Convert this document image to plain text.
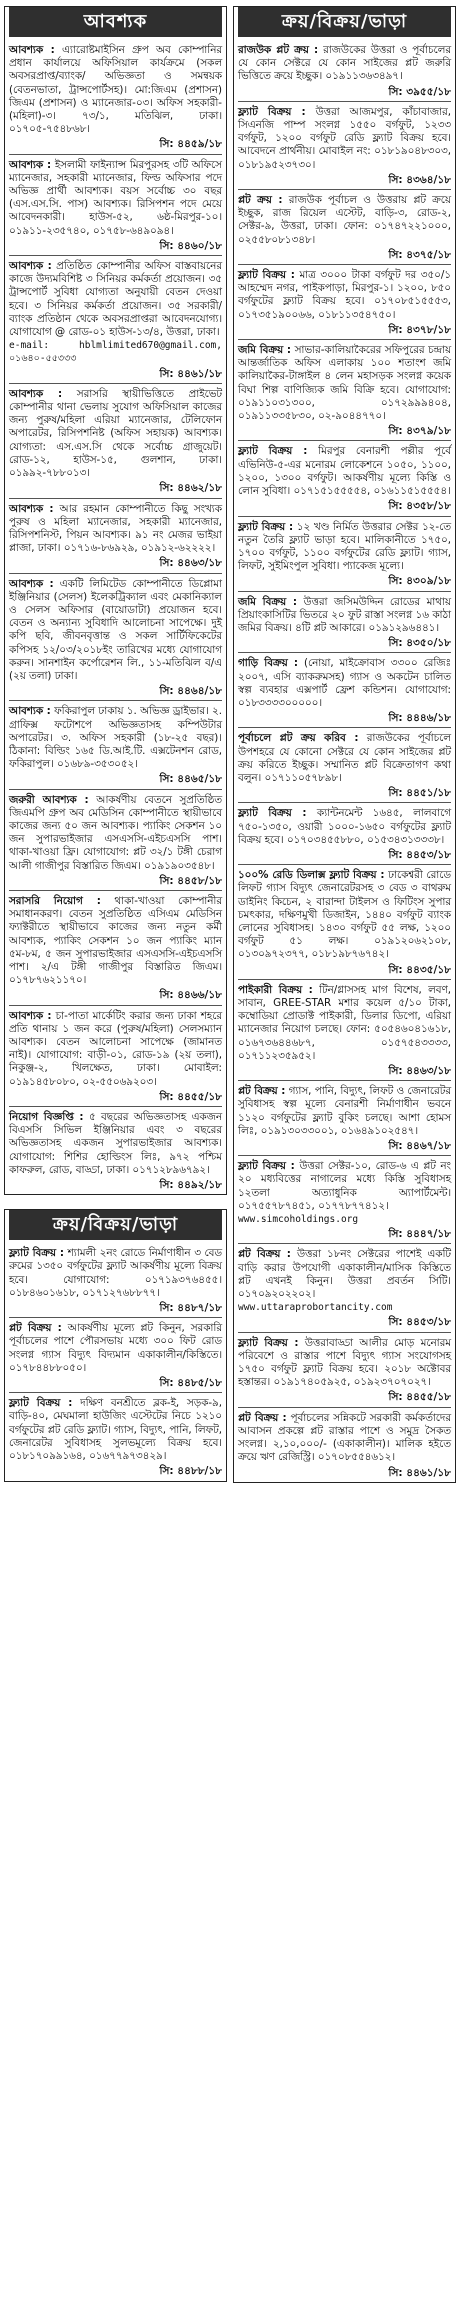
আবশ্যক
আবশ্যক : এ্যারোষ্টমাইসিন গ্রুপ অব কোম্পানির প্রধান কার্যালয়ে অফিসিয়াল কার্যক্রমে (সকল অবসরপ্রাপ্ত/ব্যাংক/ অভিজ্ঞতা ও সমন্বয়ক (বেতনভাতা, ট্রান্সপোর্টসহ)। মো:জিএম (প্রশাসন) জিএম (প্রশাসন) ও ম্যানেজার-০৩। অফিস সহকারী-(মহিলা)-৩। ৭৩/১, মতিঝিল, ঢাকা। ০১৭০৫-৭৫৪৮৬৮।
সি: ৪৪৫৯/১৮
আবশ্যক : ইসলামী ফাইন্যান্স মিরপুরসহ ৩টি অফিসে ম্যানেজার, সহকারী ম্যানেজার, ফিল্ড অফিসার পদে অভিজ্ঞ প্রার্থী আবশ্যক। বয়স সর্বোচ্চ ৩০ বছর (এস.এস.সি. পাস) আবশ্যক। রিসিপশন পদে মেয়ে আবেদনকারী। হাউস-৫২, ৬ষ্ঠ-মিরপুর-১০। ০১৯১১-২৩৫৭৪০, ০১৭৫৮-৬৪৯০৯৪।
সি: ৪৪৬০/১৮
আবশ্যক : প্রতিষ্ঠিত কোম্পানীর অফিস বাস্তবায়নের কাজে উদ্যমবিশিষ্ট ৩ সিনিয়র কর্মকর্তা প্রয়োজন। ৩৫ ট্রান্সপোর্ট সুবিধা যোগ্যতা অনুযায়ী বেতন দেওয়া হবে। ৩ সিনিয়র কর্মকর্তা প্রয়োজন। ৩৫ সরকারী/ব্যাংক প্রতিষ্ঠান থেকে অবসরপ্রাপ্তরা আবেদনযোগ্য। যোগাযোগ @ রোড-০১ হাউস-১৩/৪, উত্তরা, ঢাকা।
e-mail: hblmlimited670@gmail.com, ০১৬৪০-৫৫৩৩৩
সি: ৪৪৬১/১৮
আবশ্যক : সরাসরি স্থায়ীভিত্তিতে প্রাইভেট কোম্পানীর থানা ভেলায় সুযোগ অফিসিয়াল কাজের জন্য পুরুষ/মহিলা এরিয়া ম্যানেজার, টেলিফোন অপারেটর, রিসিপশনিষ্ট (অফিস সহায়ক) আবশ্যক। যোগ্যতা: এস.এস.সি থেকে সর্বোচ্চ গ্রাজুয়েট। রোড-১২, হাউস-১৫, গুলশান, ঢাকা। ০১৯৯২-৭৮৮০১৩।
সি: ৪৪৬২/১৮
আবশ্যক : আর রহমান কোম্পানীতে কিছু সংখ্যক পুরুষ ও মহিলা ম্যানেজার, সহকারী ম্যানেজার, রিসিপশনিস্ট, পিয়ন আবশ্যক। ৯১ নং মেজর ভাইয়া প্লাজা, ঢাকা। ০১৭১৬-৮৬৯২৯, ০১৯১২-৬২২২২।
সি: ৪৪৬৩/১৮
আবশ্যক : একটি লিমিটেড কোম্পানীতে ডিপ্লোমা ইঞ্জিনিয়ার (সেলস) ইলেকট্রিক্যাল এবং মেকানিক্যাল ও সেলস অফিসার (বায়োডাটা) প্রয়োজন হবে। বেতন ও অন্যান্য সুবিধাদি আলোচনা সাপেক্ষে। দুই কপি ছবি, জীবনবৃত্তান্ত ও সকল সার্টিফিকেটের কপিসহ ১২/০৩/২০১৮ইং তারিখের মধ্যে যোগাযোগ করুন। সানশাইন কর্পোরেশন লি., ১১-মতিঝিল ব/এ (২য় তলা) ঢাকা।
সি: ৪৪৬৪/১৮
আবশ্যক : ফকিরাপুল ঢাকায় ১. অভিজ্ঞ ড্রাইভার। ২. গ্রাফিক্স ফটোশপে অভিজ্ঞতাসহ কম্পিউটার অপারেটর। ৩. অফিস সহকারী (১৮-২৫ বছর)। ঠিকানা: বিল্ডিং ১৬৫ ডি.আই.টি. এক্সটেনশন রোড, ফকিরাপুল। ০১৬৮৯-৩৫৩০৫২।
সি: ৪৪৬৫/১৮
জরুরী আবশ্যক : আকর্ষণীয় বেতনে সুপ্রতিষ্ঠিত জিএমপি গ্রুপ অব মেডিসিন কোম্পানীতে স্থায়ীভাবে কাজের জন্য ৫০ জন আবশ্যক। প্যাকিং সেকশন ১০ জন সুপারভাইজার এসএসসি-এইচএসসি পাশ। থাকা-খাওয়া ফ্রি। যোগাযোগ: প্লট ৩২/১ টঙ্গী চেরাগ আলী গাজীপুর বিস্তারিত জিএম। ০১৯১৯০৩৫৪৮।
সি: ৪৪৫৮/১৮
সরাসরি নিয়োগ : থাকা-খাওয়া কোম্পানীর সমাধানকরণ। বেতন সুপ্রতিষ্ঠিত এসিএম মেডিসিন ফ্যাক্টরীতে স্থায়ীভাবে কাজের জন্য নতুন কর্মী আবশ্যক, প্যাকিং সেকশন ১০ জন প্যাকিং ম্যান ৫ম-৮ম, ৫ জন সুপারভাইজার এসএসসি-এইচএসসি পাশ। ২/এ টঙ্গী গাজীপুর বিস্তারিত জিএম। ০১৭৮৭৬২১১৭০।
সি: ৪৪৬৬/১৮
আবশ্যক : চা-পাতা মার্কেটিং করার জন্য ঢাকা শহরে প্রতি থানায় ১ জন করে (পুরুষ/মহিলা) সেলসম্যান আবশ্যক। বেতন আলোচনা সাপেক্ষে (জামানত নাই)। যোগাযোগ: বাড়ী-০১, রোড-১৯ (২য় তলা), নিকুঞ্জ-২, খিলক্ষেত, ঢাকা। মোবাইল: ০১৯১৪৫৮০৮০, ০২-৫৫০৬৯২০৩।
সি: ৪৪৫৫/১৮
নিয়োগ বিজ্ঞপ্তি : ৫ বছরের অভিজ্ঞতাসহ একজন বিএসসি সিভিল ইঞ্জিনিয়ার এবং ৩ বছরের অভিজ্ঞতাসহ একজন সুপারভাইজার আবশ্যক। যোগাযোগ: শিশির হোল্ডিংস লিঃ, ৯৭২ পশ্চিম কাফরুল, রোড, বাড্ডা, ঢাকা। ০১৭১২৮৯৬৭৯২।
সি: ৪৪৯২/১৮
ক্রয়/বিক্রয়/ভাড়া
ফ্ল্যাট বিক্রয় : শ্যামলী ২নং রোডে নির্মাণাধীন ৩ বেড রুমের ১৩৫০ বর্গফুটের ফ্ল্যাট আকর্ষণীয় মূল্যে বিক্রয় হবে। যোগাযোগ: ০১৭১৯৩৭৬৪৫৫। ০১৮৪৬০১৬১৮, ০১৭১২৭৬৮৮৭৭।
সি: ৪৪৮৭/১৮
প্লট বিক্রয় : আকর্ষণীয় মূল্যে প্লট কিনুন, সরকারি পূর্বাচলের পাশে পৌরসভায় মধ্যে ৩০০ ফিট রোড সংলগ্ন গ্যাস বিদ্যুৎ বিদ্যমান একাকালীন/কিস্তিতে। ০১৭৮৪৪৮৮০৫০।
সি: ৪৪৮৫/১৮
ফ্ল্যাট বিক্রয় : দক্ষিণ বনশ্রীতে ব্লক-ই, সড়ক-৯, বাড়ি-৪০, মেঘমালা হাউজিং এস্টেটের নিচে ১২১০ বর্গফুটের প্লট রেডি ফ্ল্যাট। গ্যাস, বিদ্যুৎ, পানি, লিফট, জেনারেটর সুবিধাসহ সুলভমূল্যে বিক্রয় হবে। ০১৮১৭০৯৯১৬৪, ০১৬৭৭৯৭৩৪২৯।
সি: ৪৪৮৮/১৮
ক্রয়/বিক্রয়/ভাড়া
রাজউক প্লট ক্রয় : রাজউকের উত্তরা ও পূর্বাচলের যে কোন সেক্টরে যে কোন সাইজের প্লট জরুরি ভিত্তিতে ক্রয়ে ইচ্ছুক। ০১৯১১৩৬৩৪৯৭।
সি: ৩৯৫৫/১৮
ফ্ল্যাট বিক্রয় : উত্তরা আজমপুর, কাঁচাবাজার, সিএনজি পাম্প সংলগ্ন ১৫৫০ বর্গফুট, ১২৩৩ বর্গফুট, ১২০০ বর্গফুট রেডি ফ্ল্যাট বিক্রয় হবে। আবেদনে প্রার্থনীয়। মোবাইল নং: ০১৮১৯০৪৮৩০৩, ০১৮১৯৫২৩৭৩০।
সি: ৪৩৬৪/১৮
প্লট ক্রয় : রাজউক পূর্বাচল ও উত্তরায় প্লট ক্রয়ে ইচ্ছুক, রাজ রিয়েল এস্টেট, বাড়ি-৩, রোড-২, সেক্টর-৯, উত্তরা, ঢাকা। ফোন: ০১৭৪৭২২১০০০, ০২৫৫৮০৮১৩৪৮।
সি: ৪৩৭৫/১৮
ফ্ল্যাট বিক্রয় : মাত্র ৩০০০ টাকা বর্গফুট দর ৩৫০/১ আহম্মেদ নগর, পাইকপাড়া, মিরপুর-১। ১২০০, ৮৫০ বর্গফুটের ফ্ল্যাট বিক্রয় হবে। ০১৭০৮৫১৫৫৫৩, ০১৭৩৫১৯০০৬৬, ০১৮১১৩৫৪৭৫০।
সি: ৪৩৭৮/১৮
জমি বিক্রয় : সাভার-কালিয়াকৈরের সফিপুরের চন্দ্রায় আন্তর্জাতিক অফিস এলাকায় ১০০ শতাংশ জমি কালিয়াকৈর-টাঙ্গাইল ৪ লেন মহাসড়ক সংলগ্ন কয়েক বিঘা শিল্প বাণিজ্যিক জমি বিক্রি হবে। যোগাযোগ: ০১৯১১০৩১৩০০, ০১৭২৯৯৯৪০৪, ০১৯১১৩৩৫৮৩০, ০২-৯০৪৪৭৭০।
সি: ৪৩৭৯/১৮
ফ্ল্যাট বিক্রয় : মিরপুর বেনারশী পল্লীর পূর্বে এভিনিউ-৫-এর মনোরম লোকেশনে ১০৫০, ১১০০, ১২০০, ১৩০০ বর্গফুট। আকর্ষণীয় মূল্যে কিস্তি ও লোন সুবিধা। ০১৭১৫১৫৫৫৫৪, ০১৬১১৫১৫৫৫৪।
সি: ৪৩৫৮/১৮
ফ্ল্যাট বিক্রয় : ১২ খণ্ড নির্মিত উত্তরার সেক্টর ১২-তে নতুন তৈরি ফ্ল্যাট ভাড়া হবে। মালিকানীতে ১৭৫০, ১৭০০ বর্গফুট, ১১০০ বর্গফুটের রেডি ফ্ল্যাট। গ্যাস, লিফট, সুইমিংপুল সুবিধা। প্যাকেজ মূল্যে।
সি: ৪৩০৯/১৮
জমি বিক্রয় : উত্তরা জসিমউদ্দিন রোডের মাথায় প্রিয়াংকাসিটির ভিতরে ২০ ফুট রাস্তা সংলগ্ন ১৬ কাঠা জমির বিক্রয়। ৪টি প্লট আকারে। ০১৯১২৯৬৪৪১।
সি: ৪৩৫০/১৮
গাড়ি বিক্রয় : (নোয়া, মাইক্রোবাস ৩৩০০ রেজিঃ ২০০৭, এসি ব্যাকরুমসহ) গ্যাস ও অকটেন চালিত স্বল্প ব্যবহার এক্সপার্ট ফ্রেশ কন্ডিশন। যোগাযোগ: ০১৮৩৩৩৩০০০০০।
সি: ৪৪৪৬/১৮
পূর্বাচলে প্লট ক্রয় করিব : রাজউকের পূর্বাচলে উপশহরে যে কোনো সেক্টরে যে কোন সাইজের প্লট ক্রয় করিতে ইচ্ছুক। সম্মানিত প্লট বিক্রেতাগণ কথা বলুন। ০১৭১১০৫৭৮৯৮।
সি: ৪৪৫১/১৮
ফ্ল্যাট বিক্রয় : ক্যান্টনমেন্ট ১৬৪৫, লালবাগে ৭৫০-১৩৫০, ওয়ারী ১০০০-১৬৫০ বর্গফুটের ফ্ল্যাট বিক্রয় হবে। ০১৭০৩৪৫৫৮৮০, ০১৫৩৪৩১৩৩৩৮।
সি: ৪৪৫৩/১৮
১০০% রেডি ডিলাক্স ফ্ল্যাট বিক্রয় : ঢাকেশ্বরী রোডে লিফট গ্যাস বিদ্যুৎ জেনারেটরসহ ৩ বেড ৩ বাথরুম ডাইনিং কিচেন, ২ বারান্দা টাইলস ও ফিটিংস সুপার চমৎকার, দক্ষিণমুখী ডিজাইন, ১৪৪০ বর্গফুট ব্যাংক লোনের সুবিধাসহ। ১৪৩০ বর্গফুট ৫৫ লক্ষ, ১২০০ বর্গফুট ৫১ লক্ষ। ০১৯১২০৬২১০৮, ০১৩০৯৭২৩৭৭, ০১৮১৯৮৭৬৭৪২।
সি: ৪৪৩৫/১৮
পাইকারী বিক্রয় : টিন/গ্লাসসহ মাগ বিশেষ, লবণ, সাবান, GREE-STAR মশার কয়েল ৫/১০ টাকা, কম্বোডিয়া প্রোডাক্ট পাইকারী, ডিলার ডিপো, এরিয়া ম্যানেজার নিয়োগ চলছে। ফোন: ৫০৫৪৬০৪১৬১৮, ০১৬৭৩৬৪৪৬৮৭, ০১৫৭৫৪৩৩৩৩, ০১৭১১২৩৫৯৫২।
সি: ৪৪৬৩/১৮
প্লট বিক্রয় : গ্যাস, পানি, বিদ্যুৎ, লিফট ও জেনারেটর সুবিধাসহ স্বল্প মূল্যে বেনারশী নির্মাণাধীন ভবনে ১১২০ বর্গফুটের ফ্ল্যাট বুকিং চলছে। আশা হোমস লিঃ, ০১৯১৩০৩৩০০১, ০১৬৪৯১০২৫৪৭।
সি: ৪৪৬৭/১৮
ফ্ল্যাট বিক্রয় : উত্তরা সেক্টর-১০, রোড-৬ এ প্লট নং ২০ মধ্যবিত্তের নাগালের মধ্যে কিস্তি সুবিধাসহ ১২তলা অত্যাধুনিক অ্যাপার্টমেন্ট। ০১৭৫৫৭৮৭৪৫১, ০১৭৭৮৭৭৪১২।
www.simcoholdings.org
সি: ৪৪৪৭/১৮
প্লট বিক্রয় : উত্তরা ১৮নং সেক্টরের পাশেই একটি বাড়ি করার উপযোগী একাকালীন/মাসিক কিস্তিতে প্লট এখনই কিনুন। উত্তরা প্রবর্তন সিটি। ০১৭০৯২০২২০২।
www.uttaraprobortancity.com
সি: ৪৪৫৩/১৮
ফ্ল্যাট বিক্রয় : উত্তরাবাড্ডা আলীর মোড় মনোরম পরিবেশে ও রাস্তার পাশে বিদ্যুৎ গ্যাস সংযোগসহ ১৭৫০ বর্গফুট ফ্ল্যাট বিক্রয় হবে। ২০১৮ অক্টোবর হস্তান্তর। ০১৯১৭৪০৫৯২৫, ০১৯২৩৭০৭০২৭।
সি: ৪৪৫৫/১৮
প্লট বিক্রয় : পূর্বাচলের সন্নিকটে সরকারী কর্মকর্তাদের আবাসন প্রকল্পে প্লট রাস্তার পাশে ও সমুদ্র সৈকত সংলগ্ন। ২,১০,০০০/- (একাকালীন)। মালিক হইতে ক্রয়ে ঋণ রেজিস্ট্রি। ০১৭০৮৫৫৪৬১২।
সি: ৪৪৬১/১৮
